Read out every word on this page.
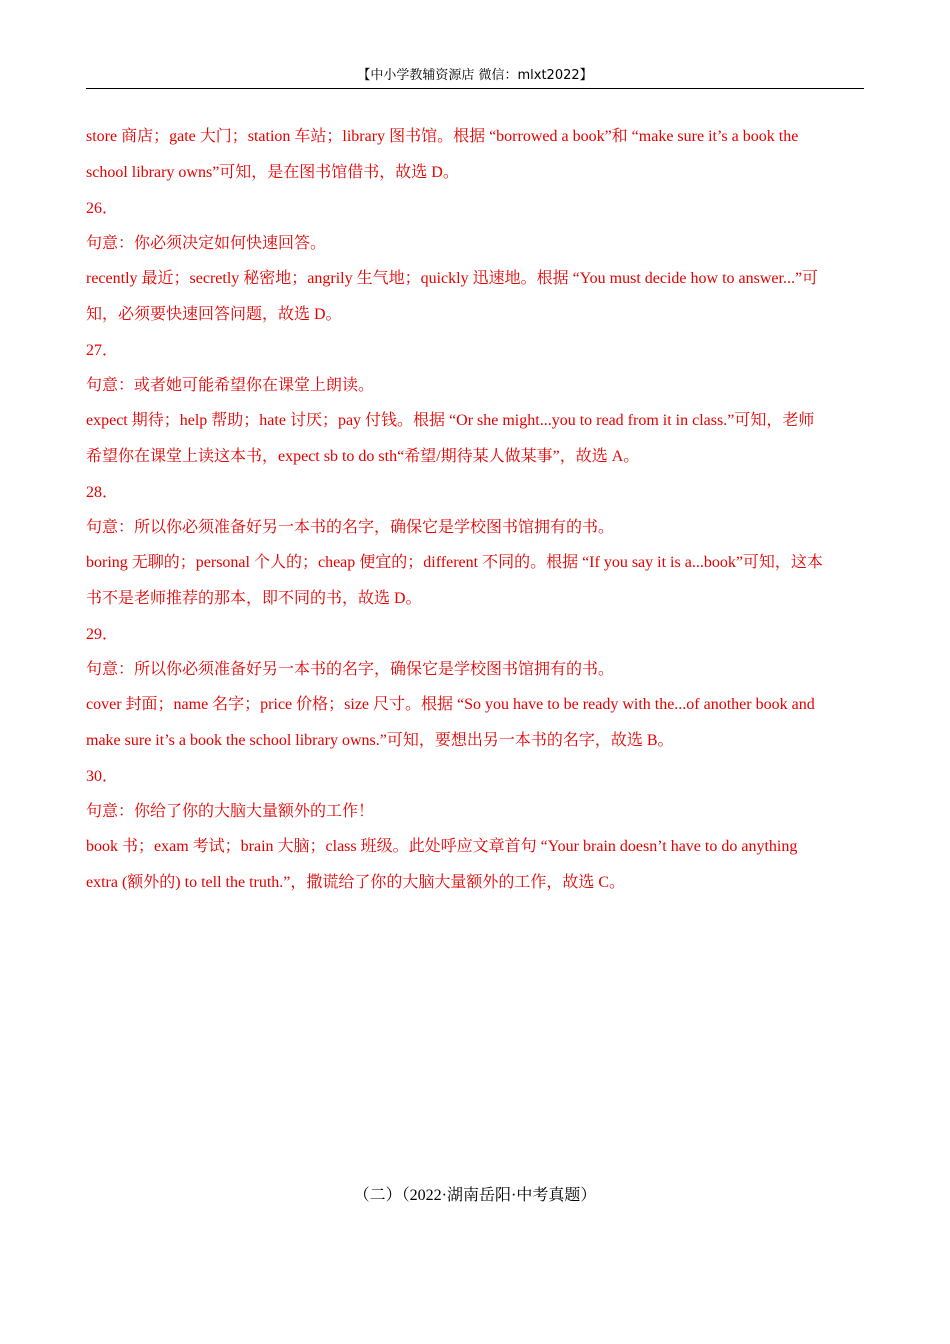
【中小学教辅资源店 微信：mlxt2022】
store 商店；gate 大门；station 车站；library 图书馆。根据 “borrowed a book”和 “make sure it’s a book the
school library owns”可知，是在图书馆借书，故选 D。
26．
句意：你必须决定如何快速回答。
recently 最近；secretly 秘密地；angrily 生气地；quickly 迅速地。根据 “You must decide how to answer...”可
知，必须要快速回答问题，故选 D。
27．
句意：或者她可能希望你在课堂上朗读。
expect 期待；help 帮助；hate 讨厌；pay 付钱。根据 “Or she might...you to read from it in class.”可知，老师
希望你在课堂上读这本书，expect sb to do sth“希望/期待某人做某事”，故选 A。
28．
句意：所以你必须准备好另一本书的名字，确保它是学校图书馆拥有的书。
boring 无聊的；personal 个人的；cheap 便宜的；different 不同的。根据 “If you say it is a...book”可知，这本
书不是老师推荐的那本，即不同的书，故选 D。
29．
句意：所以你必须准备好另一本书的名字，确保它是学校图书馆拥有的书。
cover 封面；name 名字；price 价格；size 尺寸。根据 “So you have to be ready with the...of another book and
make sure it’s a book the school library owns.”可知，要想出另一本书的名字，故选 B。
30．
句意：你给了你的大脑大量额外的工作！
book 书；exam 考试；brain 大脑；class 班级。此处呼应文章首句 “Your brain doesn’t have to do anything
extra (额外的) to tell the truth.”，撒谎给了你的大脑大量额外的工作，故选 C。
（二）（2022·湖南岳阳·中考真题）
